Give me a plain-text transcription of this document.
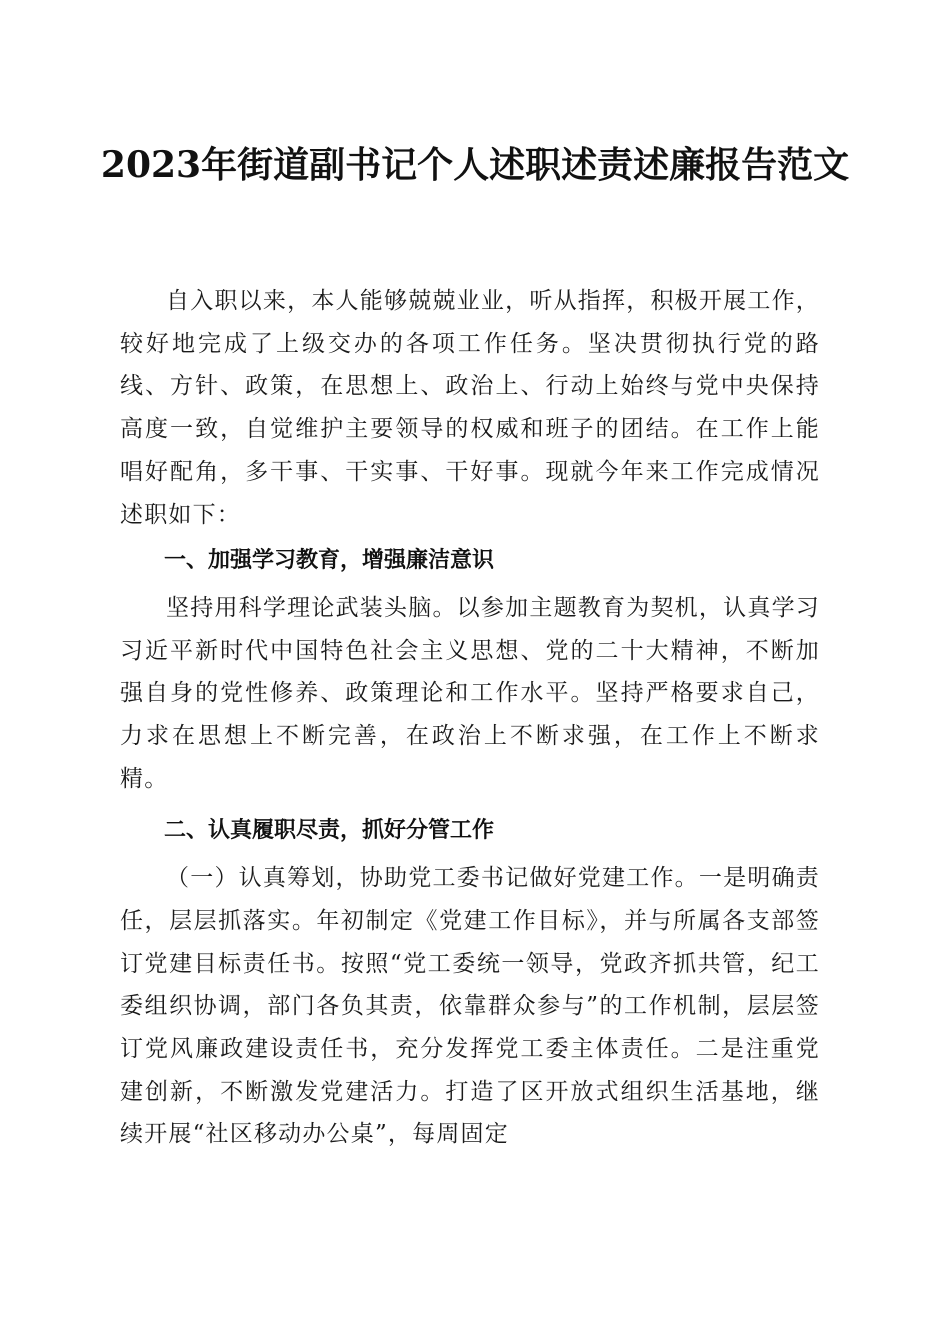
2023年街道副书记个人述职述责述廉报告范文

自入职以来，本人能够兢兢业业，听从指挥，积极开展工作，较好地完成了上级交办的各项工作任务。坚决贯彻执行党的路线、方针、政策，在思想上、政治上、行动上始终与党中央保持高度一致，自觉维护主要领导的权威和班子的团结。在工作上能唱好配角，多干事、干实事、干好事。现就今年来工作完成情况述职如下：

一、加强学习教育，增强廉洁意识

坚持用科学理论武装头脑。以参加主题教育为契机，认真学习习近平新时代中国特色社会主义思想、党的二十大精神，不断加强自身的党性修养、政策理论和工作水平。坚持严格要求自己，力求在思想上不断完善，在政治上不断求强，在工作上不断求精。

二、认真履职尽责，抓好分管工作

（一）认真筹划，协助党工委书记做好党建工作。一是明确责任，层层抓落实。年初制定《党建工作目标》，并与所属各支部签订党建目标责任书。按照“党工委统一领导，党政齐抓共管，纪工委组织协调，部门各负其责，依靠群众参与”的工作机制，层层签订党风廉政建设责任书，充分发挥党工委主体责任。二是注重党建创新，不断激发党建活力。打造了区开放式组织生活基地，继续开展“社区移动办公桌”，每周固定
